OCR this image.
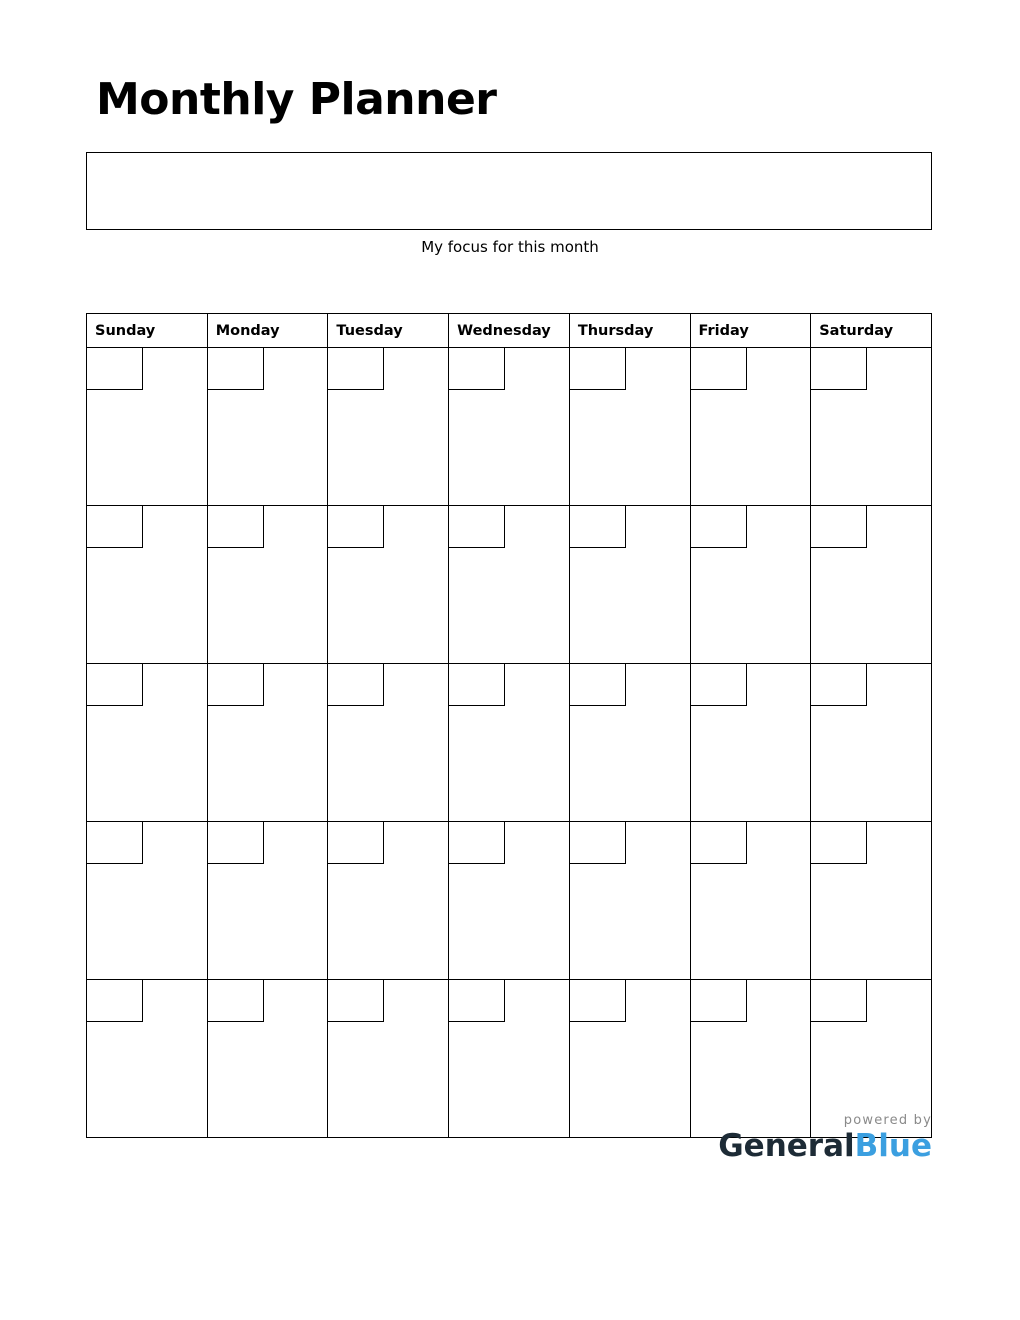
Monthly Planner
My focus for this month
Sunday	Monday	Tuesday	Wednesday	Thursday	Friday	Saturday

powered by
GeneralBlue
